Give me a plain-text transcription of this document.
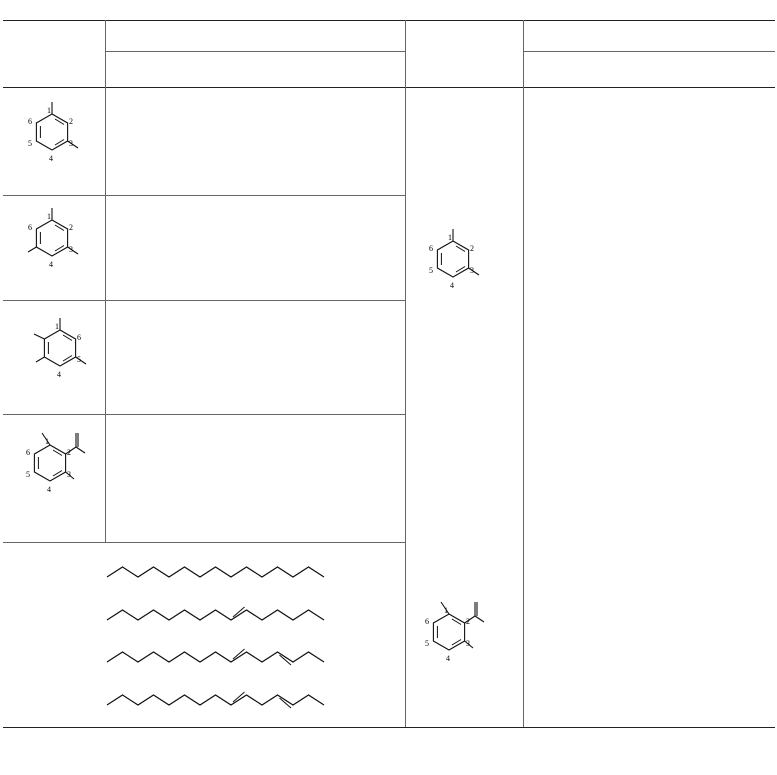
1
2
3
4
5
6
1
2
3
4
6
1
6
5
4
1
2
3
4
5
6
1
2
3
4
5
6
1
2
3
4
5
6
